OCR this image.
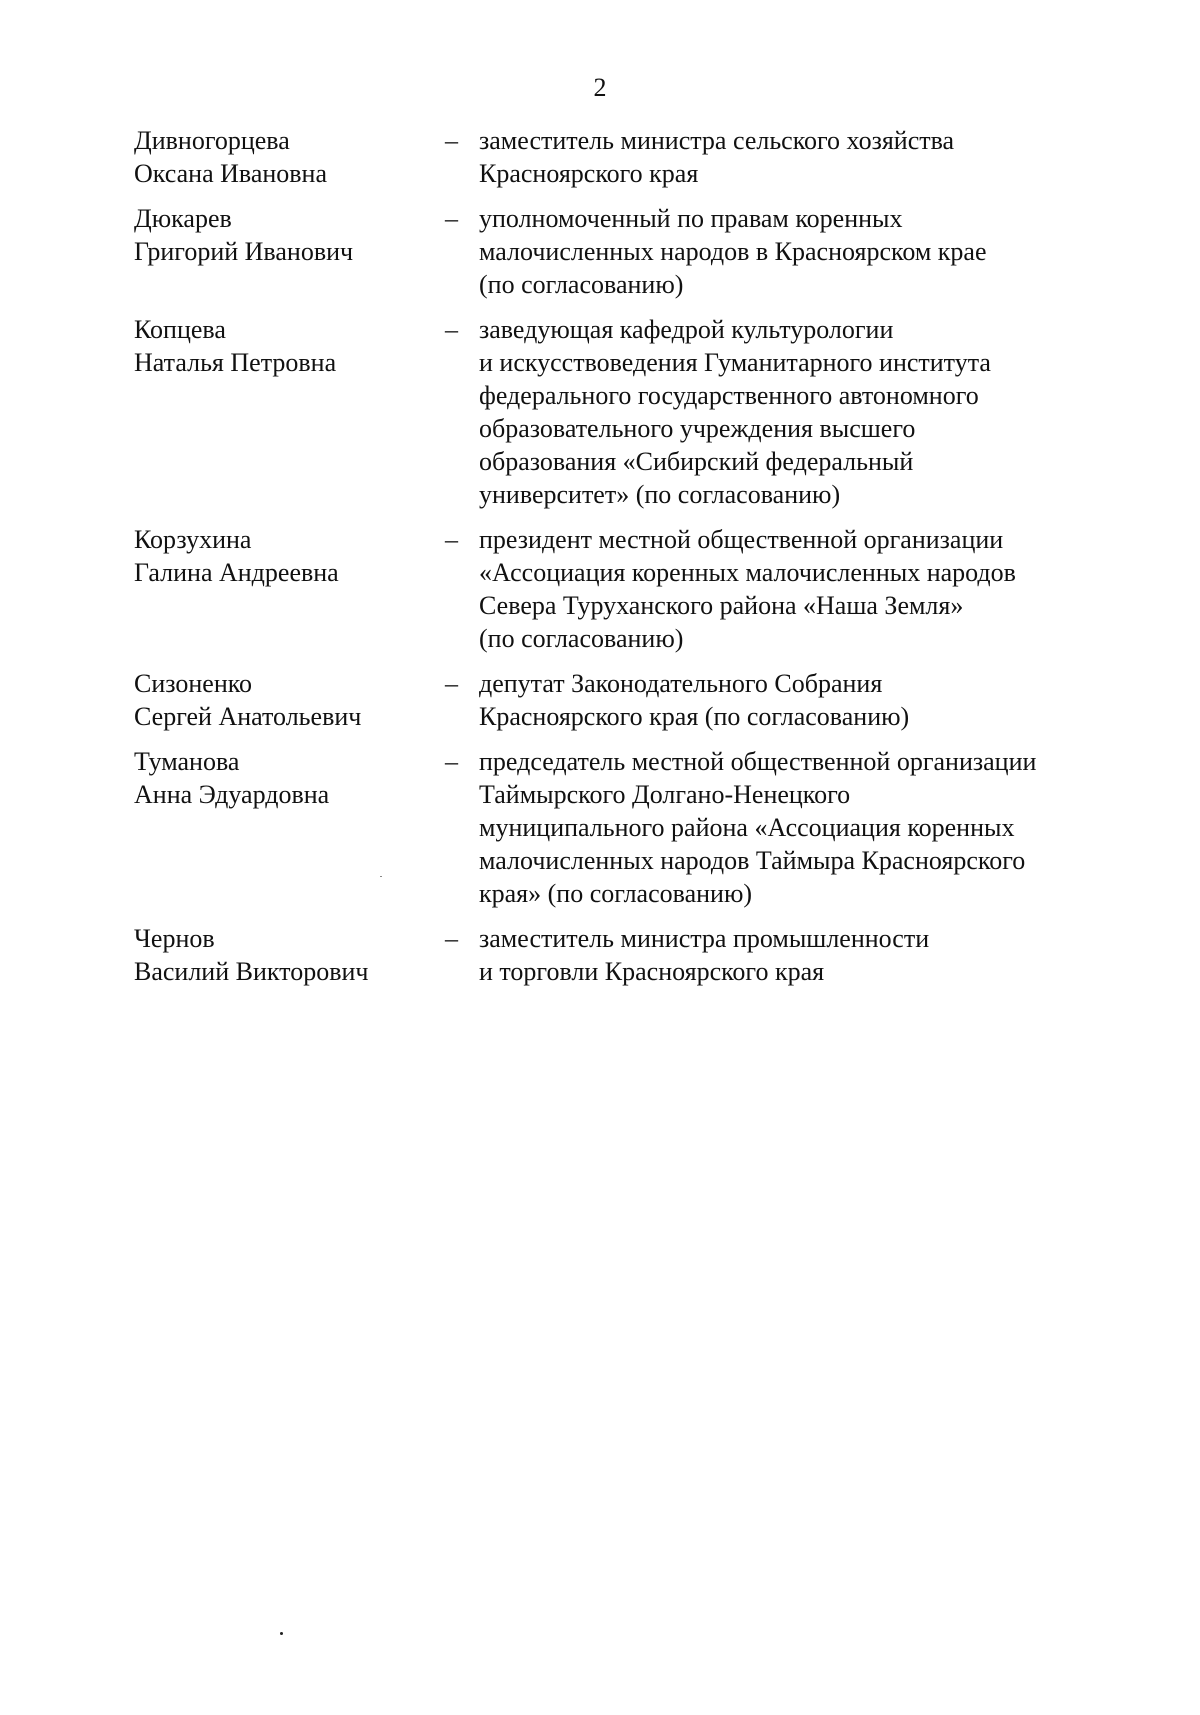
2
Дивногорцева
Оксана Ивановна
– заместитель министра сельского хозяйства
Красноярского края
Дюкарев
Григорий Иванович
– уполномоченный по правам коренных
малочисленных народов в Красноярском крае
(по согласованию)
Копцева
Наталья Петровна
– заведующая кафедрой культурологии
и искусствоведения Гуманитарного института
федерального государственного автономного
образовательного учреждения высшего
образования «Сибирский федеральный
университет» (по согласованию)
Корзухина
Галина Андреевна
– президент местной общественной организации
«Ассоциация коренных малочисленных народов
Севера Туруханского района «Наша Земля»
(по согласованию)
Сизоненко
Сергей Анатольевич
– депутат Законодательного Собрания
Красноярского края (по согласованию)
Туманова
Анна Эдуардовна
– председатель местной общественной организации
Таймырского Долгано-Ненецкого
муниципального района «Ассоциация коренных
малочисленных народов Таймыра Красноярского
края» (по согласованию)
Чернов
Василий Викторович
– заместитель министра промышленности
и торговли Красноярского края
